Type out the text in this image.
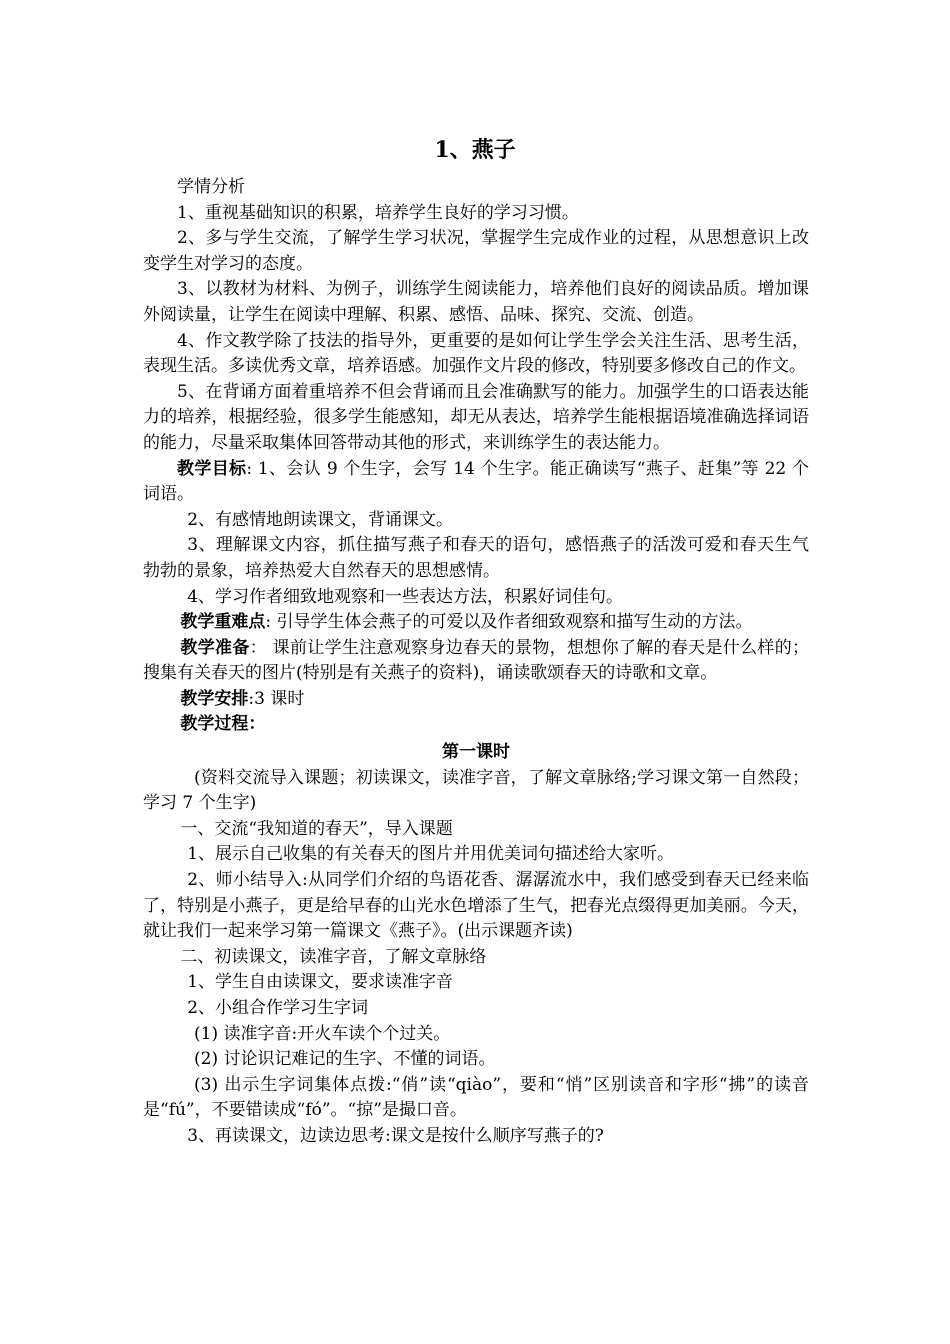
1、燕子

学情分析

1、重视基础知识的积累，培养学生良好的学习习惯。

2、多与学生交流，了解学生学习状况，掌握学生完成作业的过程，从思想意识上改变学生对学习的态度。

3、以教材为材料、为例子，训练学生阅读能力，培养他们良好的阅读品质。增加课外阅读量，让学生在阅读中理解、积累、感悟、品味、探究、交流、创造。

4、作文教学除了技法的指导外，更重要的是如何让学生学会关注生活、思考生活，表现生活。多读优秀文章，培养语感。加强作文片段的修改，特别要多修改自己的作文。

5、在背诵方面着重培养不但会背诵而且会准确默写的能力。加强学生的口语表达能力的培养，根据经验，很多学生能感知，却无从表达，培养学生能根据语境准确选择词语的能力，尽量采取集体回答带动其他的形式，来训练学生的表达能力。

教学目标: 1、会认 9 个生字，会写 14 个生字。能正确读写“燕子、赶集”等 22 个词语。

2、有感情地朗读课文，背诵课文。

3、理解课文内容，抓住描写燕子和春天的语句，感悟燕子的活泼可爱和春天生气勃勃的景象，培养热爱大自然春天的思想感情。

4、学习作者细致地观察和一些表达方法，积累好词佳句。

教学重难点: 引导学生体会燕子的可爱以及作者细致观察和描写生动的方法。

教学准备： 课前让学生注意观察身边春天的景物，想想你了解的春天是什么样的；搜集有关春天的图片(特别是有关燕子的资料)，诵读歌颂春天的诗歌和文章。

教学安排:3 课时

教学过程：

第一课时

(资料交流导入课题；初读课文，读准字音，了解文章脉络;学习课文第一自然段；学习 7 个生字)

一、交流“我知道的春天”，导入课题

1、展示自己收集的有关春天的图片并用优美词句描述给大家听。

2、师小结导入:从同学们介绍的鸟语花香、潺潺流水中，我们感受到春天已经来临了，特别是小燕子，更是给早春的山光水色增添了生气，把春光点缀得更加美丽。今天，就让我们一起来学习第一篇课文《燕子》。(出示课题齐读)

二、初读课文，读准字音，了解文章脉络

1、学生自由读课文，要求读准字音

2、小组合作学习生字词

(1) 读准字音:开火车读个个过关。

(2) 讨论识记难记的生字、不懂的词语。

(3) 出示生字词集体点拨:“俏”读“qiào”，要和“悄”区别读音和字形“拂”的读音是“fú”，不要错读成“fó”。“掠”是撮口音。

3、再读课文，边读边思考:课文是按什么顺序写燕子的?
